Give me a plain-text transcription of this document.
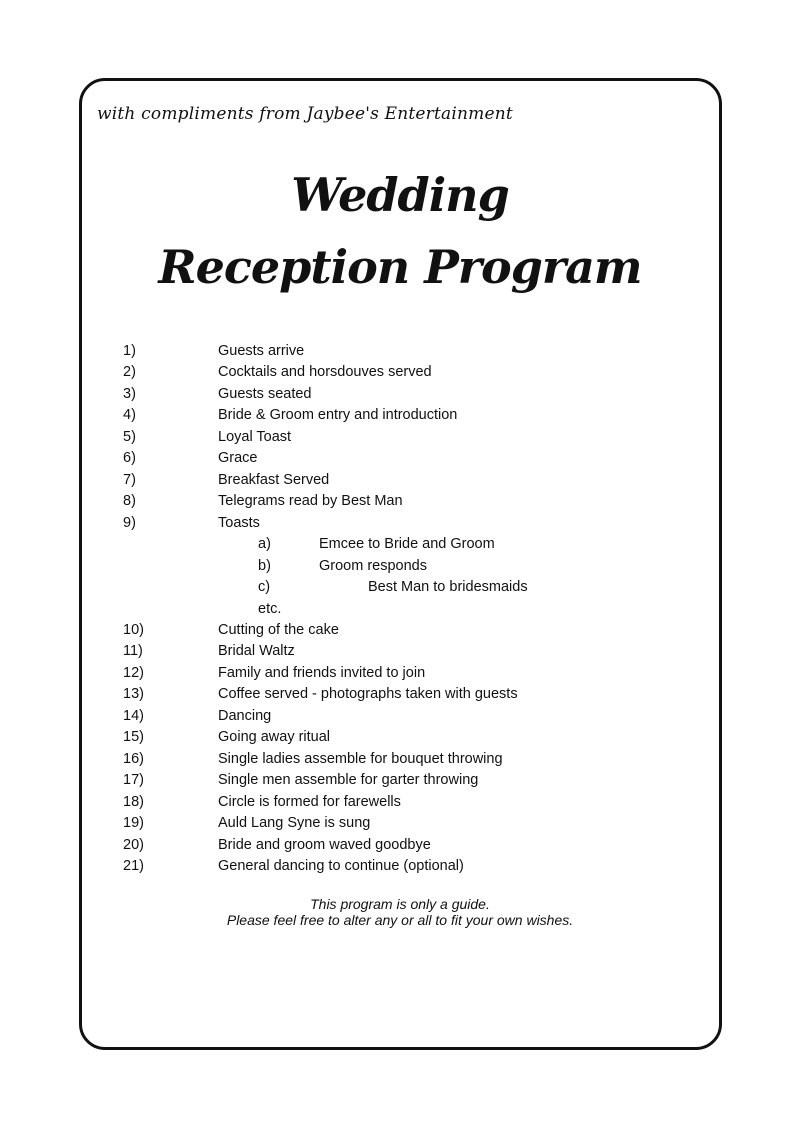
with compliments from Jaybee's Entertainment
Wedding
Reception Program
1)	Guests arrive
2)	Cocktails and horsdouves served
3)	Guests seated
4)	Bride & Groom entry and introduction
5)	Loyal Toast
6)	Grace
7)	Breakfast Served
8)	Telegrams read by Best Man
9)	Toasts
a)	Emcee to Bride and Groom
b)	Groom responds
c)	Best Man to bridesmaids
etc.
10)	Cutting of the cake
11)	Bridal Waltz
12)	Family and friends invited to join
13)	Coffee served - photographs taken with guests
14)	Dancing
15)	Going away ritual
16)	Single ladies assemble for bouquet throwing
17)	Single men assemble for garter throwing
18)	Circle is formed for farewells
19)	Auld Lang Syne is sung
20)	Bride and groom waved goodbye
21)	General dancing to continue (optional)
This program is only a guide.
Please feel free to alter any or all to fit your own wishes.
